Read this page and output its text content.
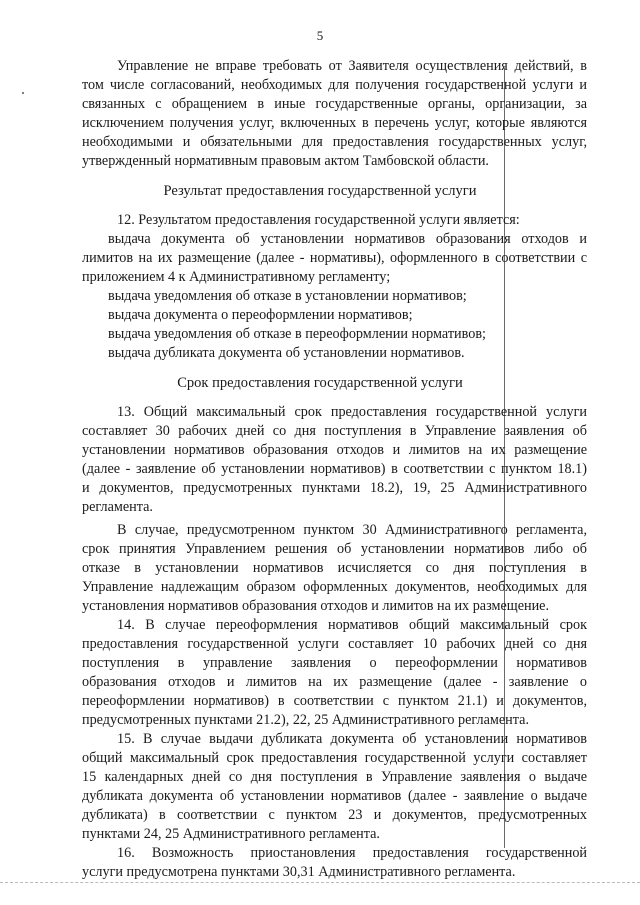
5
Результат предоставления государственной услуги
Срок предоставления государственной услуги
Управление не вправе требовать от Заявителя осуществления действий, в
том числе согласований, необходимых для получения государственной услуги и
связанных с обращением в иные государственные органы, организации, за
исключением получения услуг, включенных в перечень услуг, которые являются
необходимыми и обязательными для предоставления государственных услуг,
утвержденный нормативным правовым актом Тамбовской области.
12. Результатом предоставления государственной услуги является:
выдача документа об установлении нормативов образования отходов и
лимитов на их размещение (далее - нормативы), оформленного в соответствии с
приложением 4 к Административному регламенту;
выдача уведомления об отказе в установлении нормативов;
выдача документа о переоформлении нормативов;
выдача уведомления об отказе в переоформлении нормативов;
выдача дубликата документа об установлении нормативов.
13. Общий максимальный срок предоставления государственной услуги
составляет 30 рабочих дней со дня поступления в Управление заявления об
установлении нормативов образования отходов и лимитов на их размещение
(далее - заявление об установлении нормативов) в соответствии с пунктом 18.1)
и документов, предусмотренных пунктами 18.2), 19, 25 Административного
регламента.
В случае, предусмотренном пунктом 30 Административного регламента,
срок принятия Управлением решения об установлении нормативов либо об
отказе в установлении нормативов исчисляется со дня поступления в
Управление надлежащим образом оформленных документов, необходимых для
установления нормативов образования отходов и лимитов на их размещение.
14. В случае переоформления нормативов общий максимальный срок
предоставления государственной услуги составляет 10 рабочих дней со дня
поступления в управление заявления о переоформлении нормативов
образования отходов и лимитов на их размещение (далее - заявление о
переоформлении нормативов) в соответствии с пунктом 21.1) и документов,
предусмотренных пунктами 21.2), 22, 25 Административного регламента.
15. В случае выдачи дубликата документа об установлении нормативов
общий максимальный срок предоставления государственной услуги составляет
15 календарных дней со дня поступления в Управление заявления о выдаче
дубликата документа об установлении нормативов (далее - заявление о выдаче
дубликата) в соответствии с пунктом 23 и документов, предусмотренных
пунктами 24, 25 Административного регламента.
16. Возможность приостановления предоставления государственной
услуги предусмотрена пунктами 30,31 Административного регламента.
